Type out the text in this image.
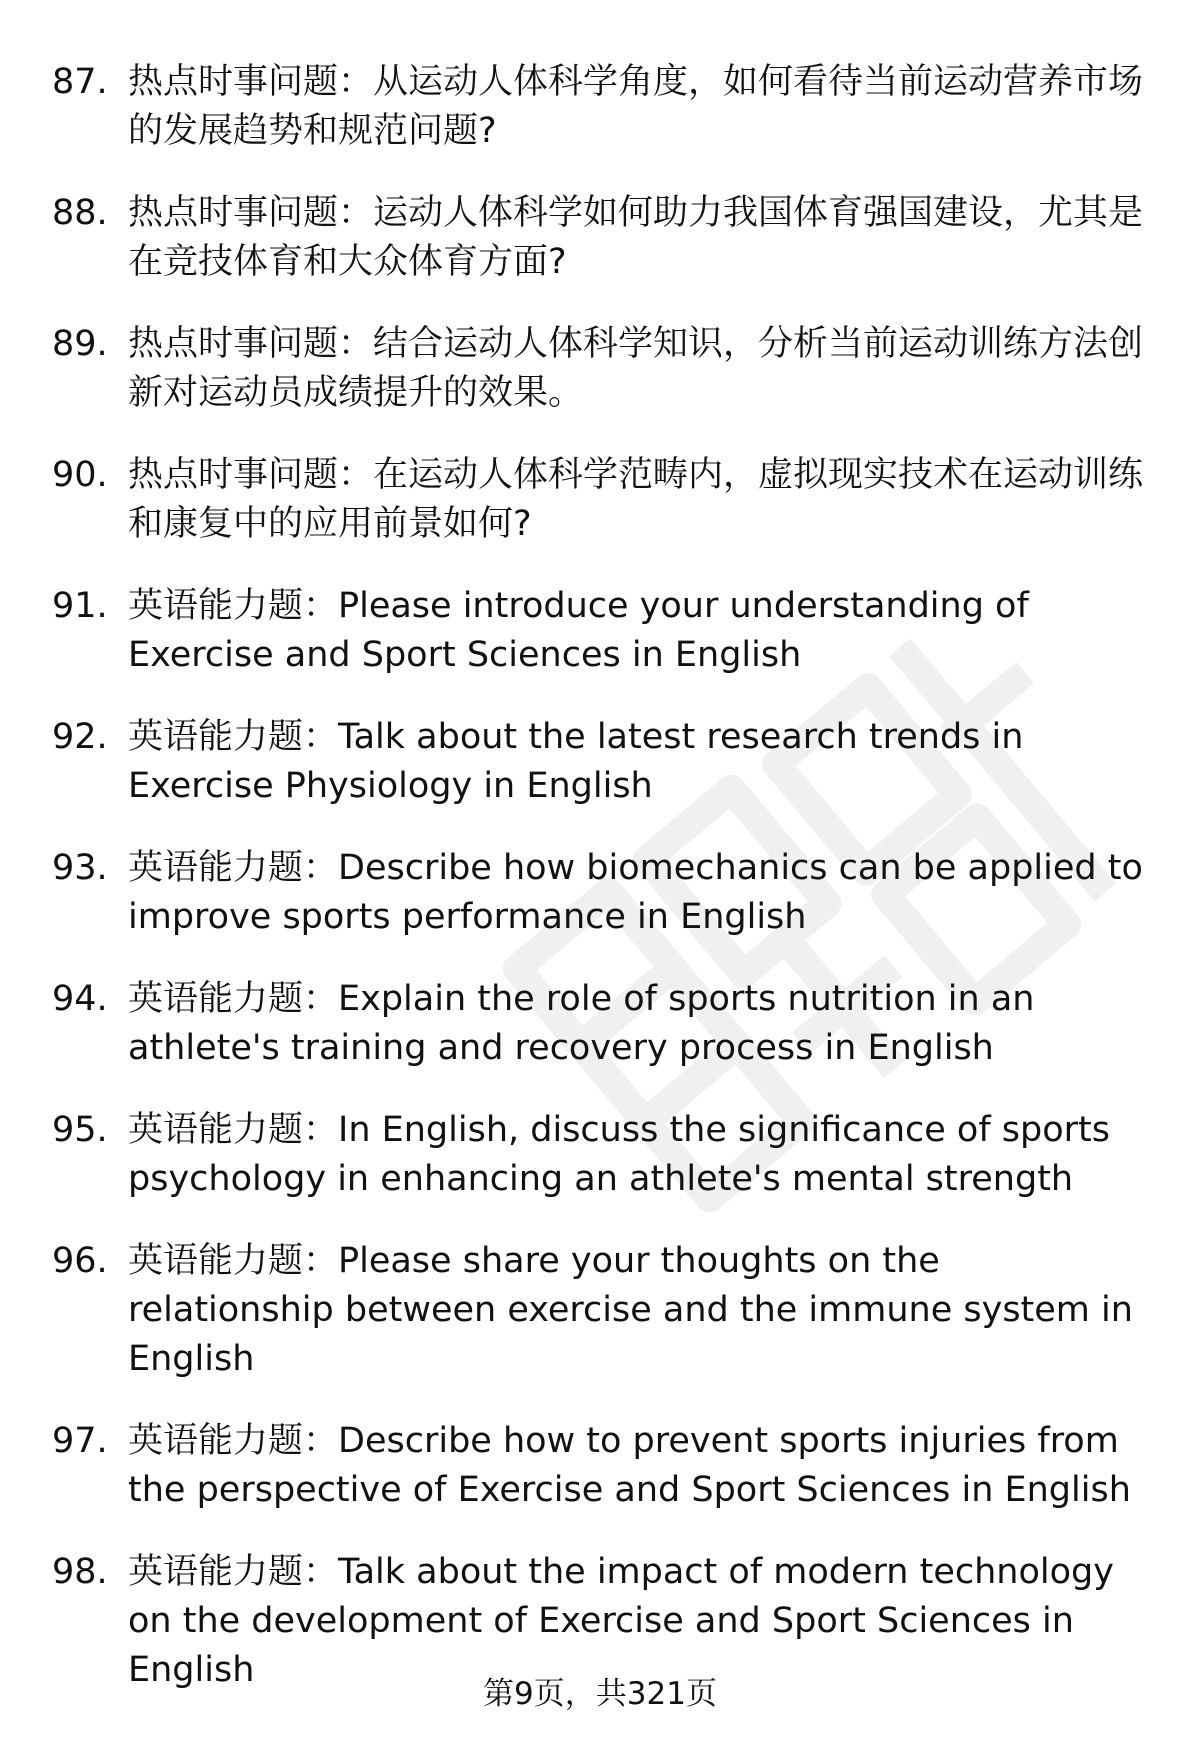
87. 热点时事问题：从运动人体科学角度，如何看待当前运动营养市场的发展趋势和规范问题?
88. 热点时事问题：运动人体科学如何助力我国体育强国建设，尤其是在竞技体育和大众体育方面?
89. 热点时事问题：结合运动人体科学知识，分析当前运动训练方法创新对运动员成绩提升的效果。
90. 热点时事问题：在运动人体科学范畴内，虚拟现实技术在运动训练和康复中的应用前景如何?
91. 英语能力题：Please introduce your understanding of Exercise and Sport Sciences in English
92. 英语能力题：Talk about the latest research trends in Exercise Physiology in English
93. 英语能力题：Describe how biomechanics can be applied to improve sports performance in English
94. 英语能力题：Explain the role of sports nutrition in an athlete's training and recovery process in English
95. 英语能力题：In English, discuss the significance of sports psychology in enhancing an athlete's mental strength
96. 英语能力题：Please share your thoughts on the relationship between exercise and the immune system in English
97. 英语能力题：Describe how to prevent sports injuries from the perspective of Exercise and Sport Sciences in English
98. 英语能力题：Talk about the impact of modern technology on the development of Exercise and Sport Sciences in English
第9页，共321页
